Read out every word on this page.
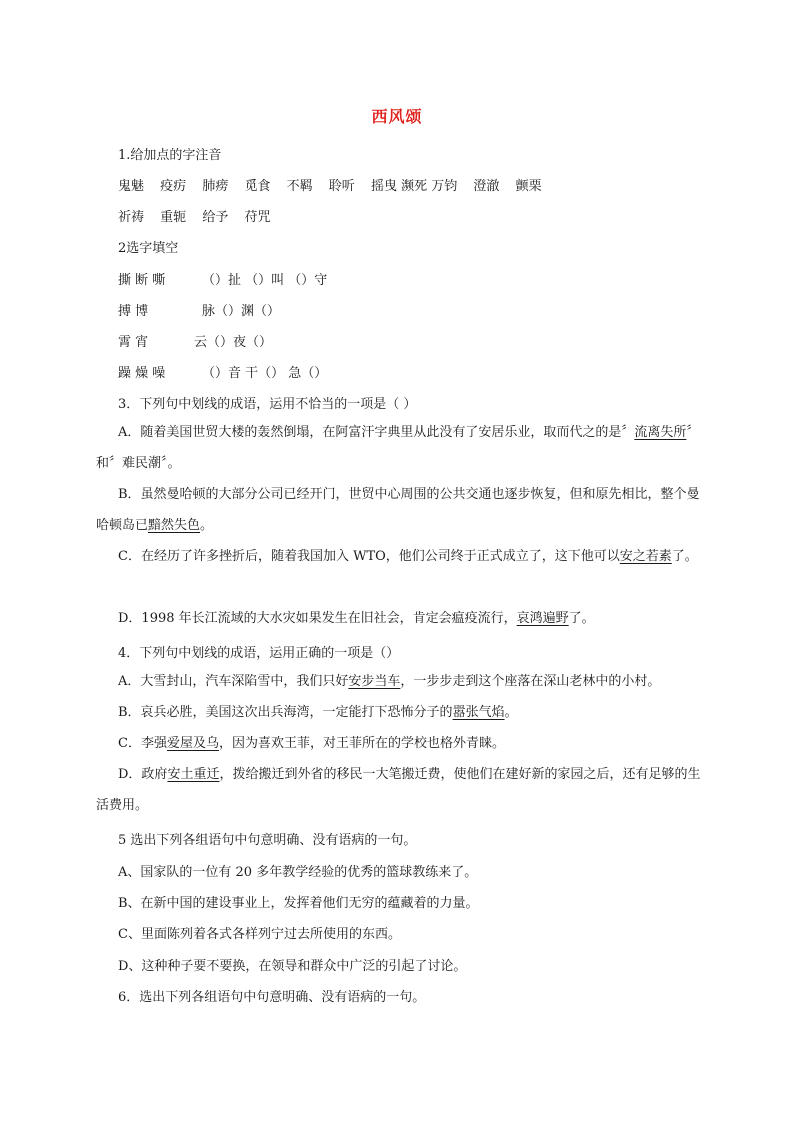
西风颂
1.给加点的字注音
鬼魅 疫疠 肺痨 觅食 不羁 聆听 摇曳 濒死 万钧 澄澈 颤栗
祈祷 重轭 给予 苻咒
2选字填空
撕 断 嘶	（）扯 （）叫 （）守
搏 博	脉（）渊（）
霄 宵	云（）夜（）
躁 燥 噪	（）音 干（） 急（）
3．下列句中划线的成语，运用不恰当的一项是（ ）
A．随着美国世贸大楼的轰然倒塌，在阿富汗字典里从此没有了安居乐业，取而代之的是〞流离失所〞和〞难民潮〞。
B．虽然曼哈顿的大部分公司已经开门，世贸中心周围的公共交通也逐步恢复，但和原先相比，整个曼哈顿岛已黯然失色。
C．在经历了许多挫折后，随着我国加入 WTO，他们公司终于正式成立了，这下他可以安之若素了。
D．1998 年长江流域的大水灾如果发生在旧社会，肯定会瘟疫流行，哀鸿遍野了。
4．下列句中划线的成语，运用正确的一项是（）
A．大雪封山，汽车深陷雪中，我们只好安步当车，一步步走到这个座落在深山老林中的小村。
B．哀兵必胜，美国这次出兵海湾，一定能打下恐怖分子的嚣张气焰。
C．李强爱屋及乌，因为喜欢王菲，对王菲所在的学校也格外青睐。
D．政府安土重迁，拨给搬迁到外省的移民一大笔搬迁费，使他们在建好新的家园之后，还有足够的生活费用。
5 选出下列各组语句中句意明确、没有语病的一句。
A、国家队的一位有 20 多年教学经验的优秀的篮球教练来了。
B、在新中国的建设事业上，发挥着他们无穷的蕴藏着的力量。
C、里面陈列着各式各样列宁过去所使用的东西。
D、这种种子要不要换，在领导和群众中广泛的引起了讨论。
6．选出下列各组语句中句意明确、没有语病的一句。
